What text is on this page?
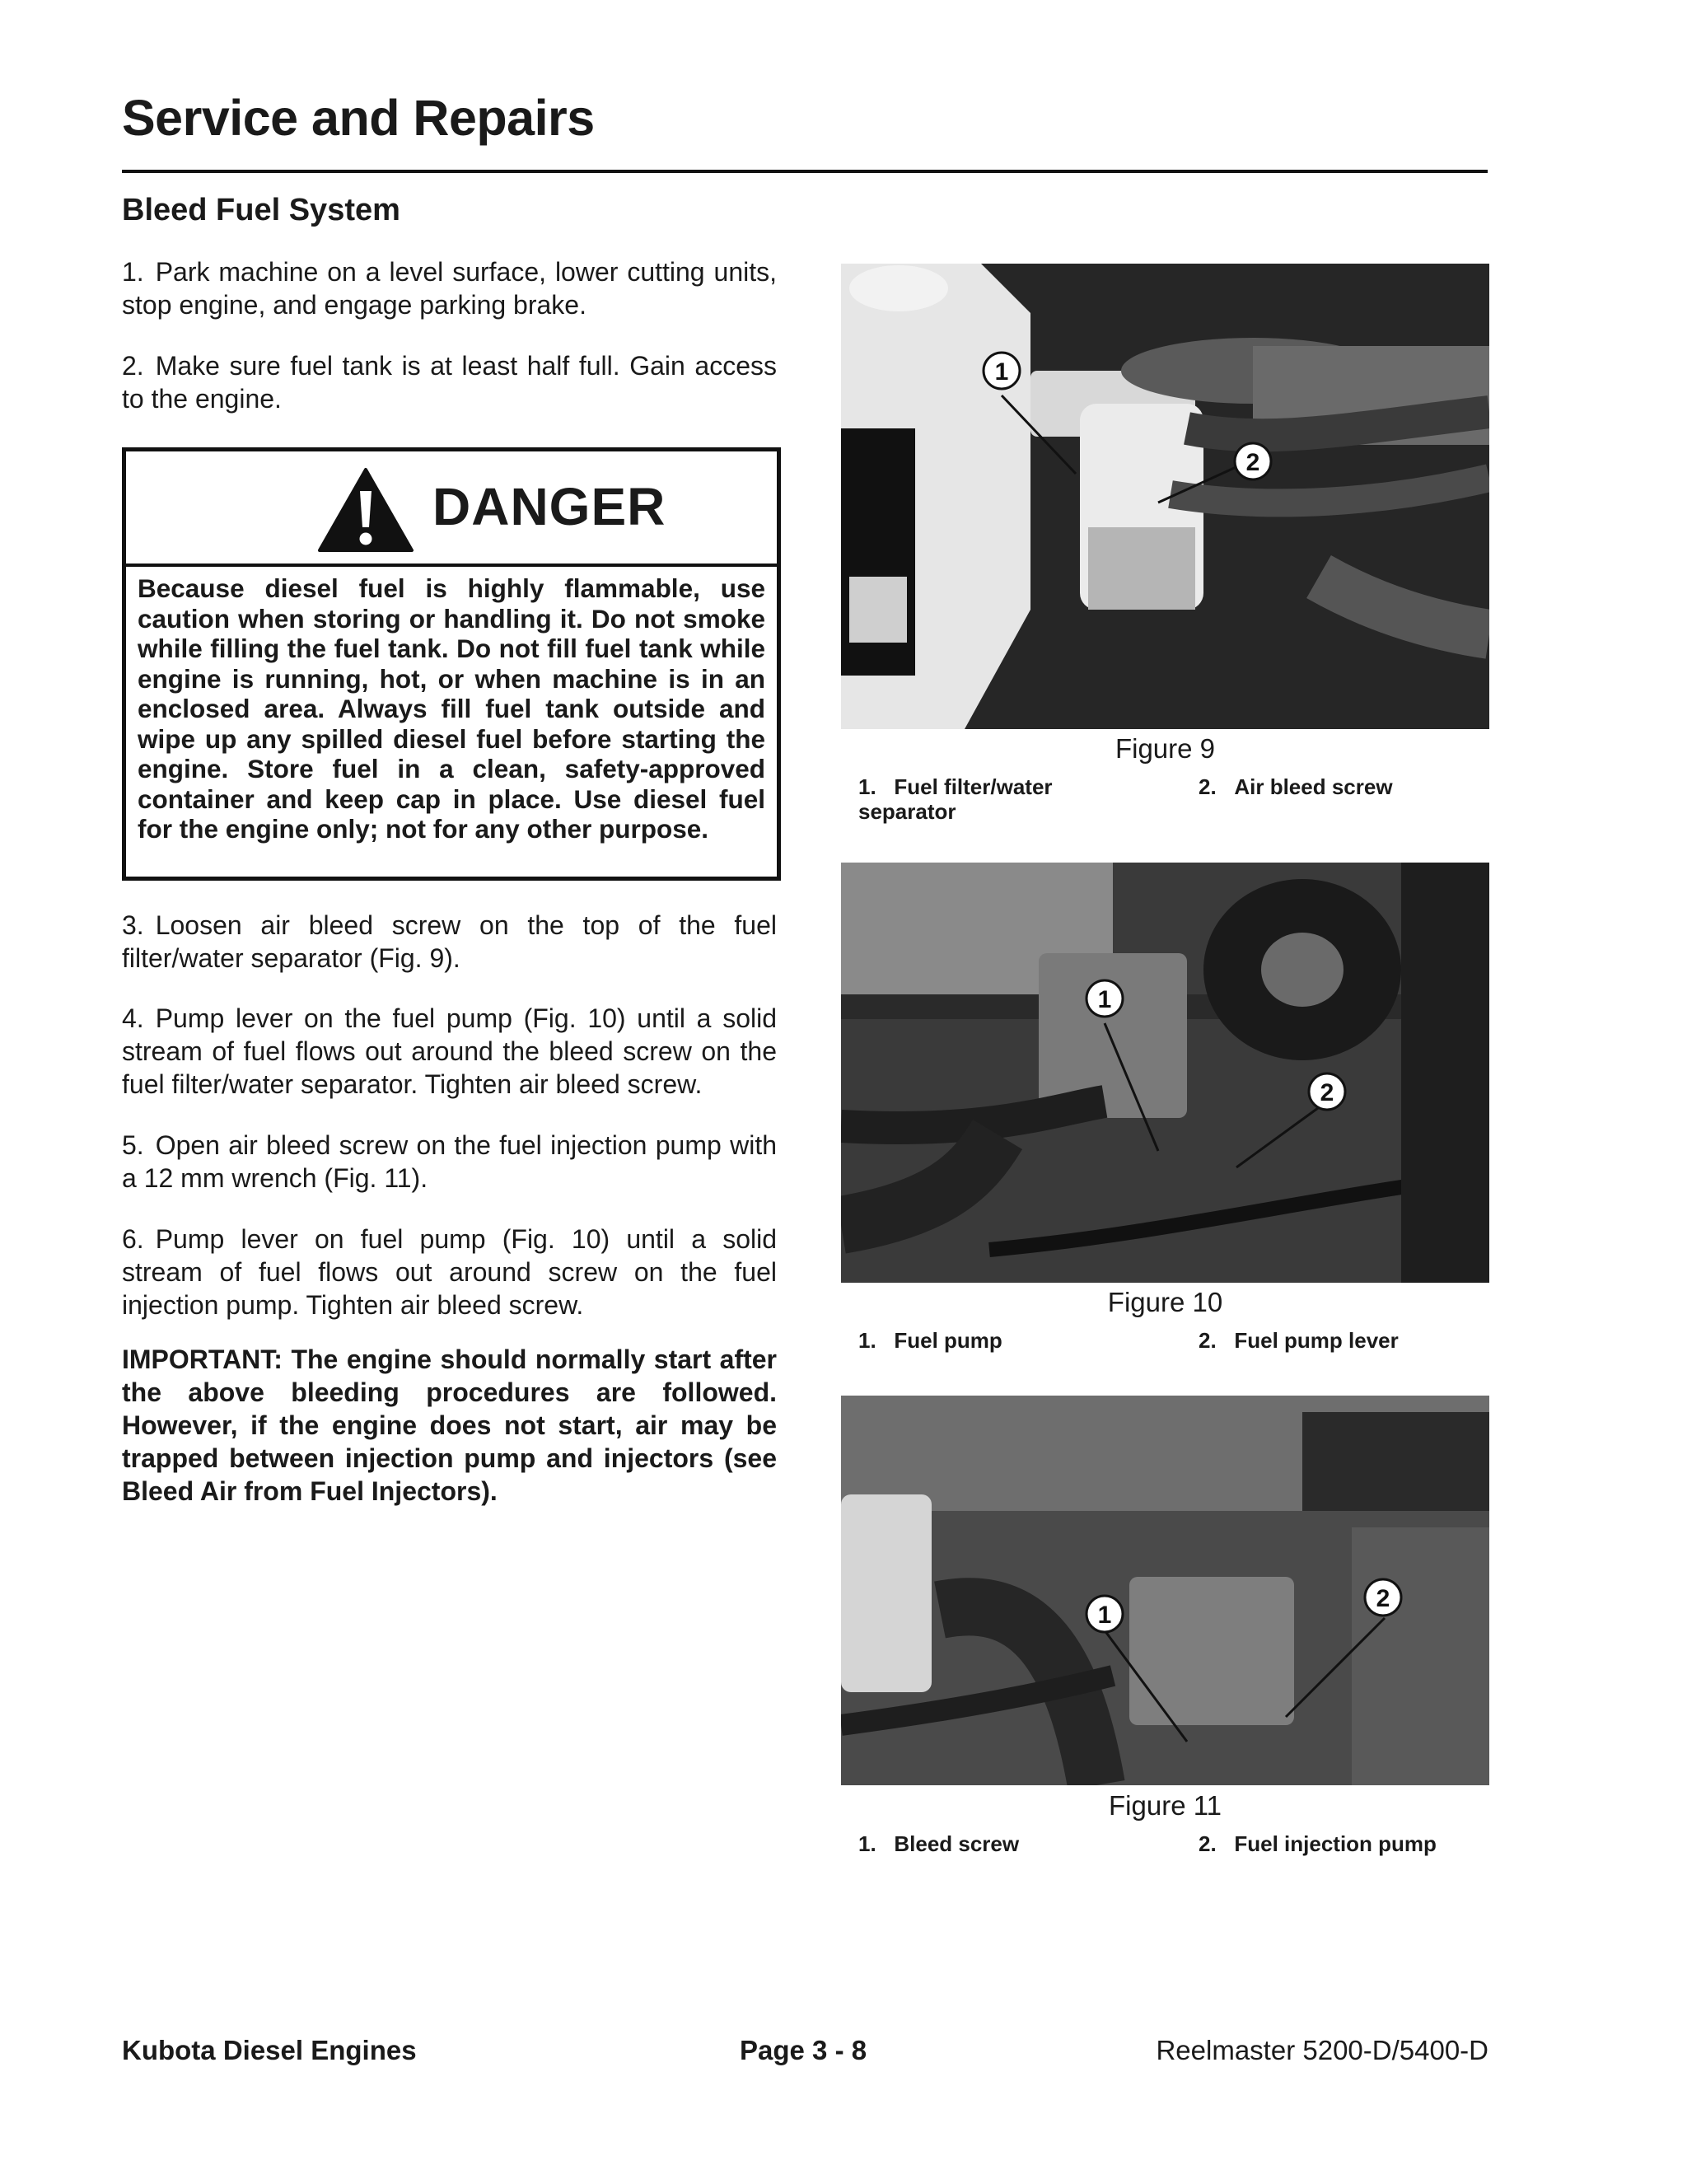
Service and Repairs
Bleed Fuel System
1. Park machine on a level surface, lower cutting units, stop engine, and engage parking brake.
2. Make sure fuel tank is at least half full. Gain access to the engine.
DANGER
Because diesel fuel is highly flammable, use caution when storing or handling it. Do not smoke while filling the fuel tank. Do not fill fuel tank while engine is running, hot, or when machine is in an enclosed area. Always fill fuel tank outside and wipe up any spilled diesel fuel before starting the engine. Store fuel in a clean, safety-approved container and keep cap in place. Use diesel fuel for the engine only; not for any other purpose.
3. Loosen air bleed screw on the top of the fuel filter/water separator (Fig. 9).
4. Pump lever on the fuel pump (Fig. 10) until a solid stream of fuel flows out around the bleed screw on the fuel filter/water separator. Tighten air bleed screw.
5. Open air bleed screw on the fuel injection pump with a 12 mm wrench (Fig. 11).
6. Pump lever on fuel pump (Fig. 10) until a solid stream of fuel flows out around screw on the fuel injection pump. Tighten air bleed screw.
IMPORTANT: The engine should normally start after the above bleeding procedures are followed. However, if the engine does not start, air may be trapped between injection pump and injectors (see Bleed Air from Fuel Injectors).
1
2
Figure 9
1. Fuel filter/water separator
2. Air bleed screw
1
2
Figure 10
1. Fuel pump	2. Fuel pump lever
1
2
Figure 11
1. Bleed screw	2. Fuel injection pump
Kubota Diesel Engines	Page 3 - 8	Reelmaster 5200-D/5400-D
